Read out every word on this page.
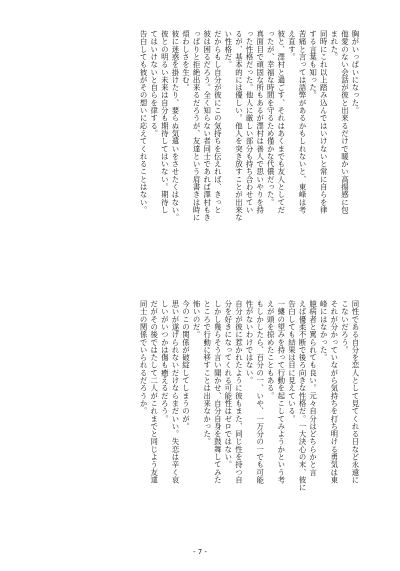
胸がいっぱいになった。
他愛のない会話が彼と出来るだけで暖かい高揚感に包
まれた。
同時にこれ以上踏み込んではいけないと常に自らを律
する言葉も知った。
苦痛と言っては語弊があるかもしれないと、東峰は考
え直す。
彼と、澤村と過ごす、それはあくまでも友人としてだ
ったが、幸福な時間を守るため僅かな代償だった。
真面目で頑固な所もあるが澤村は善人で思いやりを持
った性格だった。他人に厳しい部分も持ち合わせてい
るが、基本的には優しい。他人を突き放すことが出来な
い性格だ。
だからもし自分が彼にこの気持ちを伝えれば、きっと
彼は困るだろう。全く知らない者同士であれば澤村もき
っぱりと拒絶出来るだろうが、友達という肩書きは時に
煩わしさを生む。
彼に迷惑を掛けたり、要らぬ気遣いをさせたくはない。
彼との明るい未来は自分も期待してはいない。期待し
てはいけないと自らを律する。
告白しても彼がその想いに応えてくれることはない。
同性である自分を恋人として見てくれる日など永遠に
こないだろう。
それが分かっていながら気持ちを打ち明ける勇気は東
峰にはなかった。
臆病者と罵られても良い。元々自分はどちらかと言
えば優柔不断で後ろ向きな性格だ。一大決心の末、彼に
告白しても結果は目に見えている。
一縷の望みを持って行動を起こしてみようかという考
えが頭を掠めたこともある。
もしかしたら、百分の一、いや、一万分の一でも可能
性がないわけではない。
自分が彼に惹かれたように彼もまた、同じ性を持つ自
分を好きになってくれる可能性はゼロではない。
しかし幾らそう言い聞かせ、自分自身を鼓舞してみた
ところで行動に移すことは出来なかった。
怖いのだ。
今のこの関係が破綻してしまうのが。
思いが遂げられないだけならまだいい。失恋は辛く哀
しいがいつかは傷も癒えるだろう。
だがその後ではたして二人がこれまでと同じよう友達
同士の関係でいられるだろうか。
- 7 -
